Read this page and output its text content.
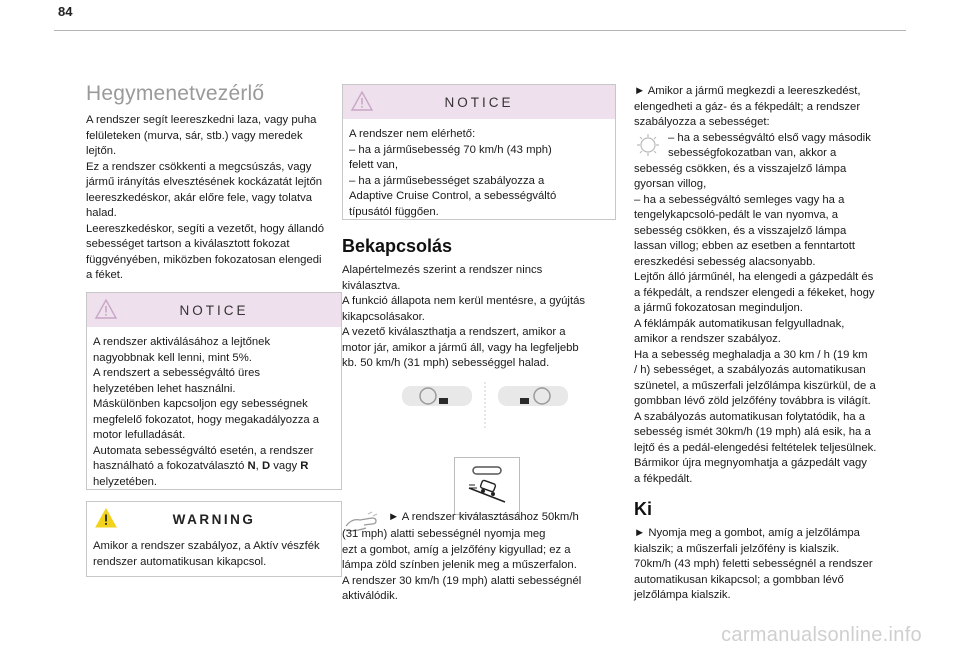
84
Hegymenetvezérlő

A rendszer segít leereszkedni laza, vagy puha

felületeken (murva, sár, stb.) vagy meredek

lejtőn.

Ez a rendszer csökkenti a megcsúszás, vagy

jármű irányítás elvesztésének kockázatát lejtőn

leereszkedéskor, akár előre fele, vagy tolatva

halad.

Leereszkedéskor, segíti a vezetőt, hogy állandó

sebességet tartson a kiválasztott fokozat

függvényében, miközben fokozatosan elengedi

a féket.

NOTICE

A rendszer aktiválásához a lejtőnek

nagyobbnak kell lenni, mint 5%.

A rendszert a sebességváltó üres

helyzetében lehet használni.

Máskülönben kapcsoljon egy sebességnek

megfelelő fokozatot, hogy megakadályozza a

motor lefulladását.

Automata sebességváltó esetén, a rendszer

használható a fokozatválasztó N, D vagy R

helyzetében.

WARNING

Amikor a rendszer szabályoz, a Aktív vészfék

rendszer automatikusan kikapcsol.

NOTICE

A rendszer nem elérhető:

– ha a járműsebesség 70 km/h (43 mph)

felett van,

– ha a járműsebességet szabályozza a

Adaptive Cruise Control, a sebességváltó

típusától függően.

Bekapcsolás

Alapértelmezés szerint a rendszer nincs

kiválasztva.

A funkció állapota nem kerül mentésre, a gyújtás

kikapcsolásakor.

A vezető kiválaszthatja a rendszert, amikor a

motor jár, amikor a jármű áll, vagy ha legfeljebb

kb. 50 km/h (31 mph) sebességgel halad.

► A rendszer kiválasztásához 50km/h

(31 mph) alatti sebességnél nyomja meg

ezt a gombot, amíg a jelzőfény kigyullad; ez a

lámpa zöld színben jelenik meg a műszerfalon.

A rendszer 30 km/h (19 mph) alatti sebességnél

aktiválódik.

► Amikor a jármű megkezdi a leereszkedést,

elengedheti a gáz- és a fékpedált; a rendszer

szabályozza a sebességet:

– ha a sebességváltó első vagy második

sebességfokozatban van, akkor a

sebesség csökken, és a visszajelző lámpa

gyorsan villog,

– ha a sebességváltó semleges vagy ha a

tengelykapcsoló-pedált le van nyomva, a

sebesség csökken, és a visszajelző lámpa

lassan villog; ebben az esetben a fenntartott

ereszkedési sebesség alacsonyabb.

Lejtőn álló járműnél, ha elengedi a gázpedált és

a fékpedált, a rendszer elengedi a fékeket, hogy

a jármű fokozatosan meginduljon.

A féklámpák automatikusan felgyulladnak,

amikor a rendszer szabályoz.

Ha a sebesség meghaladja a 30 km / h (19 km

/ h) sebességet, a szabályozás automatikusan

szünetel, a műszerfali jelzőlámpa kiszürkül, de a

gombban lévő zöld jelzőfény továbbra is világít.

A szabályozás automatikusan folytatódik, ha a

sebesség ismét 30km/h (19 mph) alá esik, ha a

lejtő és a pedál-elengedési feltételek teljesülnek.

Bármikor újra megnyomhatja a gázpedált vagy

a fékpedált.

Ki

► Nyomja meg a gombot, amíg a jelzőlámpa

kialszik; a műszerfali jelzőfény is kialszik.

70km/h (43 mph) feletti sebességnél a rendszer

automatikusan kikapcsol; a gombban lévő

jelzőlámpa kialszik.

carmanualsonline.info
